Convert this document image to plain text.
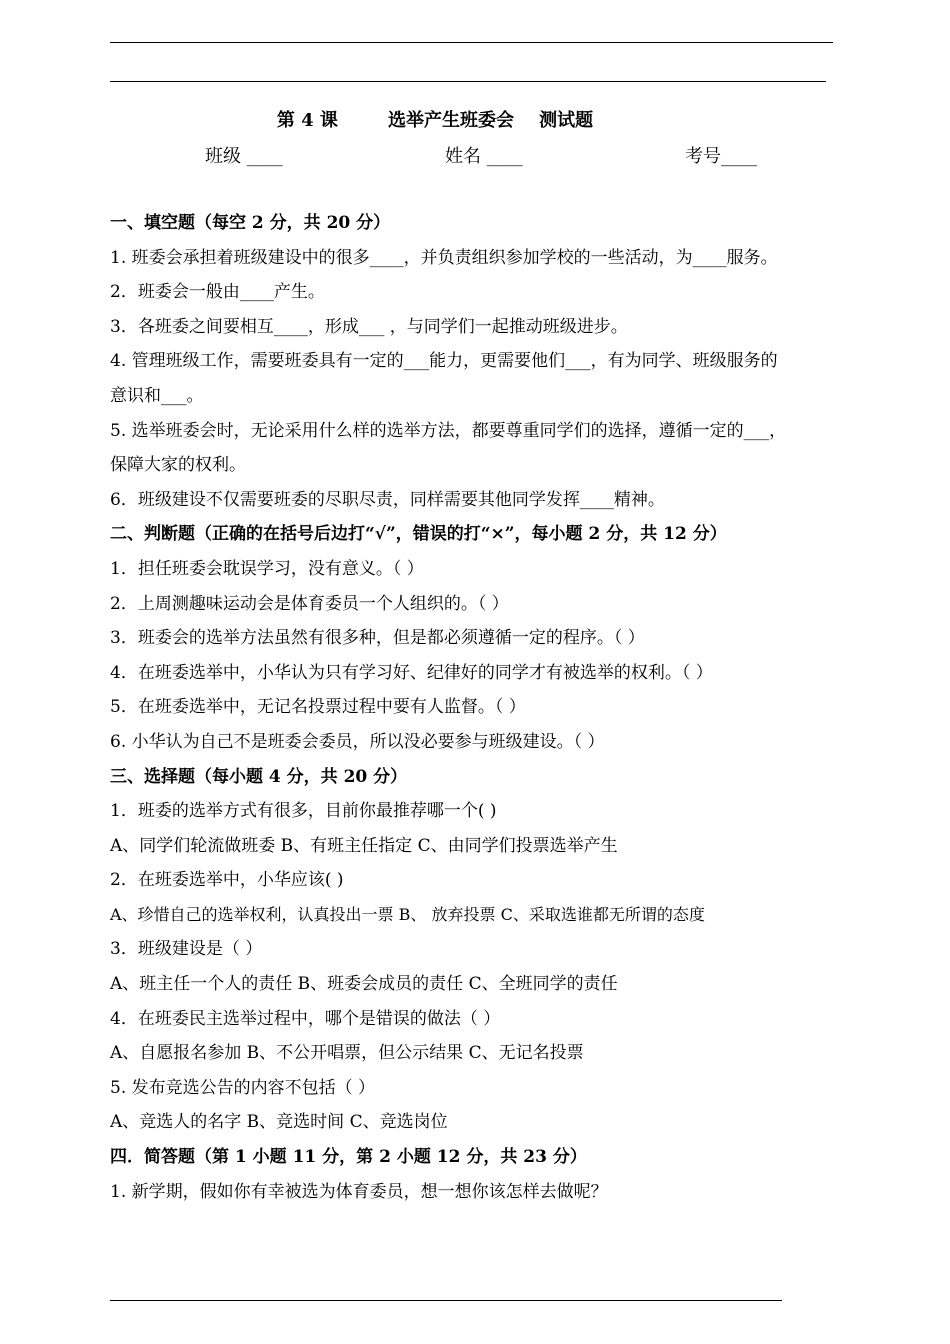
第 4 课        选举产生班委会    测试题
班级 ____	姓名 ____	考号____
一、填空题（每空 2 分，共 20 分）
1. 班委会承担着班级建设中的很多____，并负责组织参加学校的一些活动，为____服务。
2．班委会一般由____产生。
3．各班委之间要相互____，形成___ ，与同学们一起推动班级进步。
4. 管理班级工作，需要班委具有一定的___能力，更需要他们___，有为同学、班级服务的
意识和___。
5. 选举班委会时，无论采用什么样的选举方法，都要尊重同学们的选择，遵循一定的___，
保障大家的权利。
6．班级建设不仅需要班委的尽职尽责，同样需要其他同学发挥____精神。
二、判断题（正确的在括号后边打“√”，错误的打“×”，每小题 2 分，共 12 分）
1．担任班委会耽误学习，没有意义。（ ）
2．上周测趣味运动会是体育委员一个人组织的。（ ）
3．班委会的选举方法虽然有很多种，但是都必须遵循一定的程序。（ ）
4．在班委选举中，小华认为只有学习好、纪律好的同学才有被选举的权利。（ ）
5．在班委选举中，无记名投票过程中要有人监督。（ ）
6. 小华认为自己不是班委会委员，所以没必要参与班级建设。（ ）
三、选择题（每小题 4 分，共 20 分）
1．班委的选举方式有很多，目前你最推荐哪一个( )
A、同学们轮流做班委 B、有班主任指定 C、由同学们投票选举产生
2．在班委选举中，小华应该( )
A、珍惜自己的选举权利，认真投出一票 B、 放弃投票 C、采取选谁都无所谓的态度
3．班级建设是（ ）
A、班主任一个人的责任 B、班委会成员的责任 C、全班同学的责任
4．在班委民主选举过程中，哪个是错误的做法（ ）
A、自愿报名参加 B、不公开唱票，但公示结果 C、无记名投票
5. 发布竞选公告的内容不包括（ ）
A、竞选人的名字 B、竞选时间 C、竞选岗位
四．简答题（第 1 小题 11 分，第 2 小题 12 分，共 23 分）
1. 新学期，假如你有幸被选为体育委员，想一想你该怎样去做呢？
